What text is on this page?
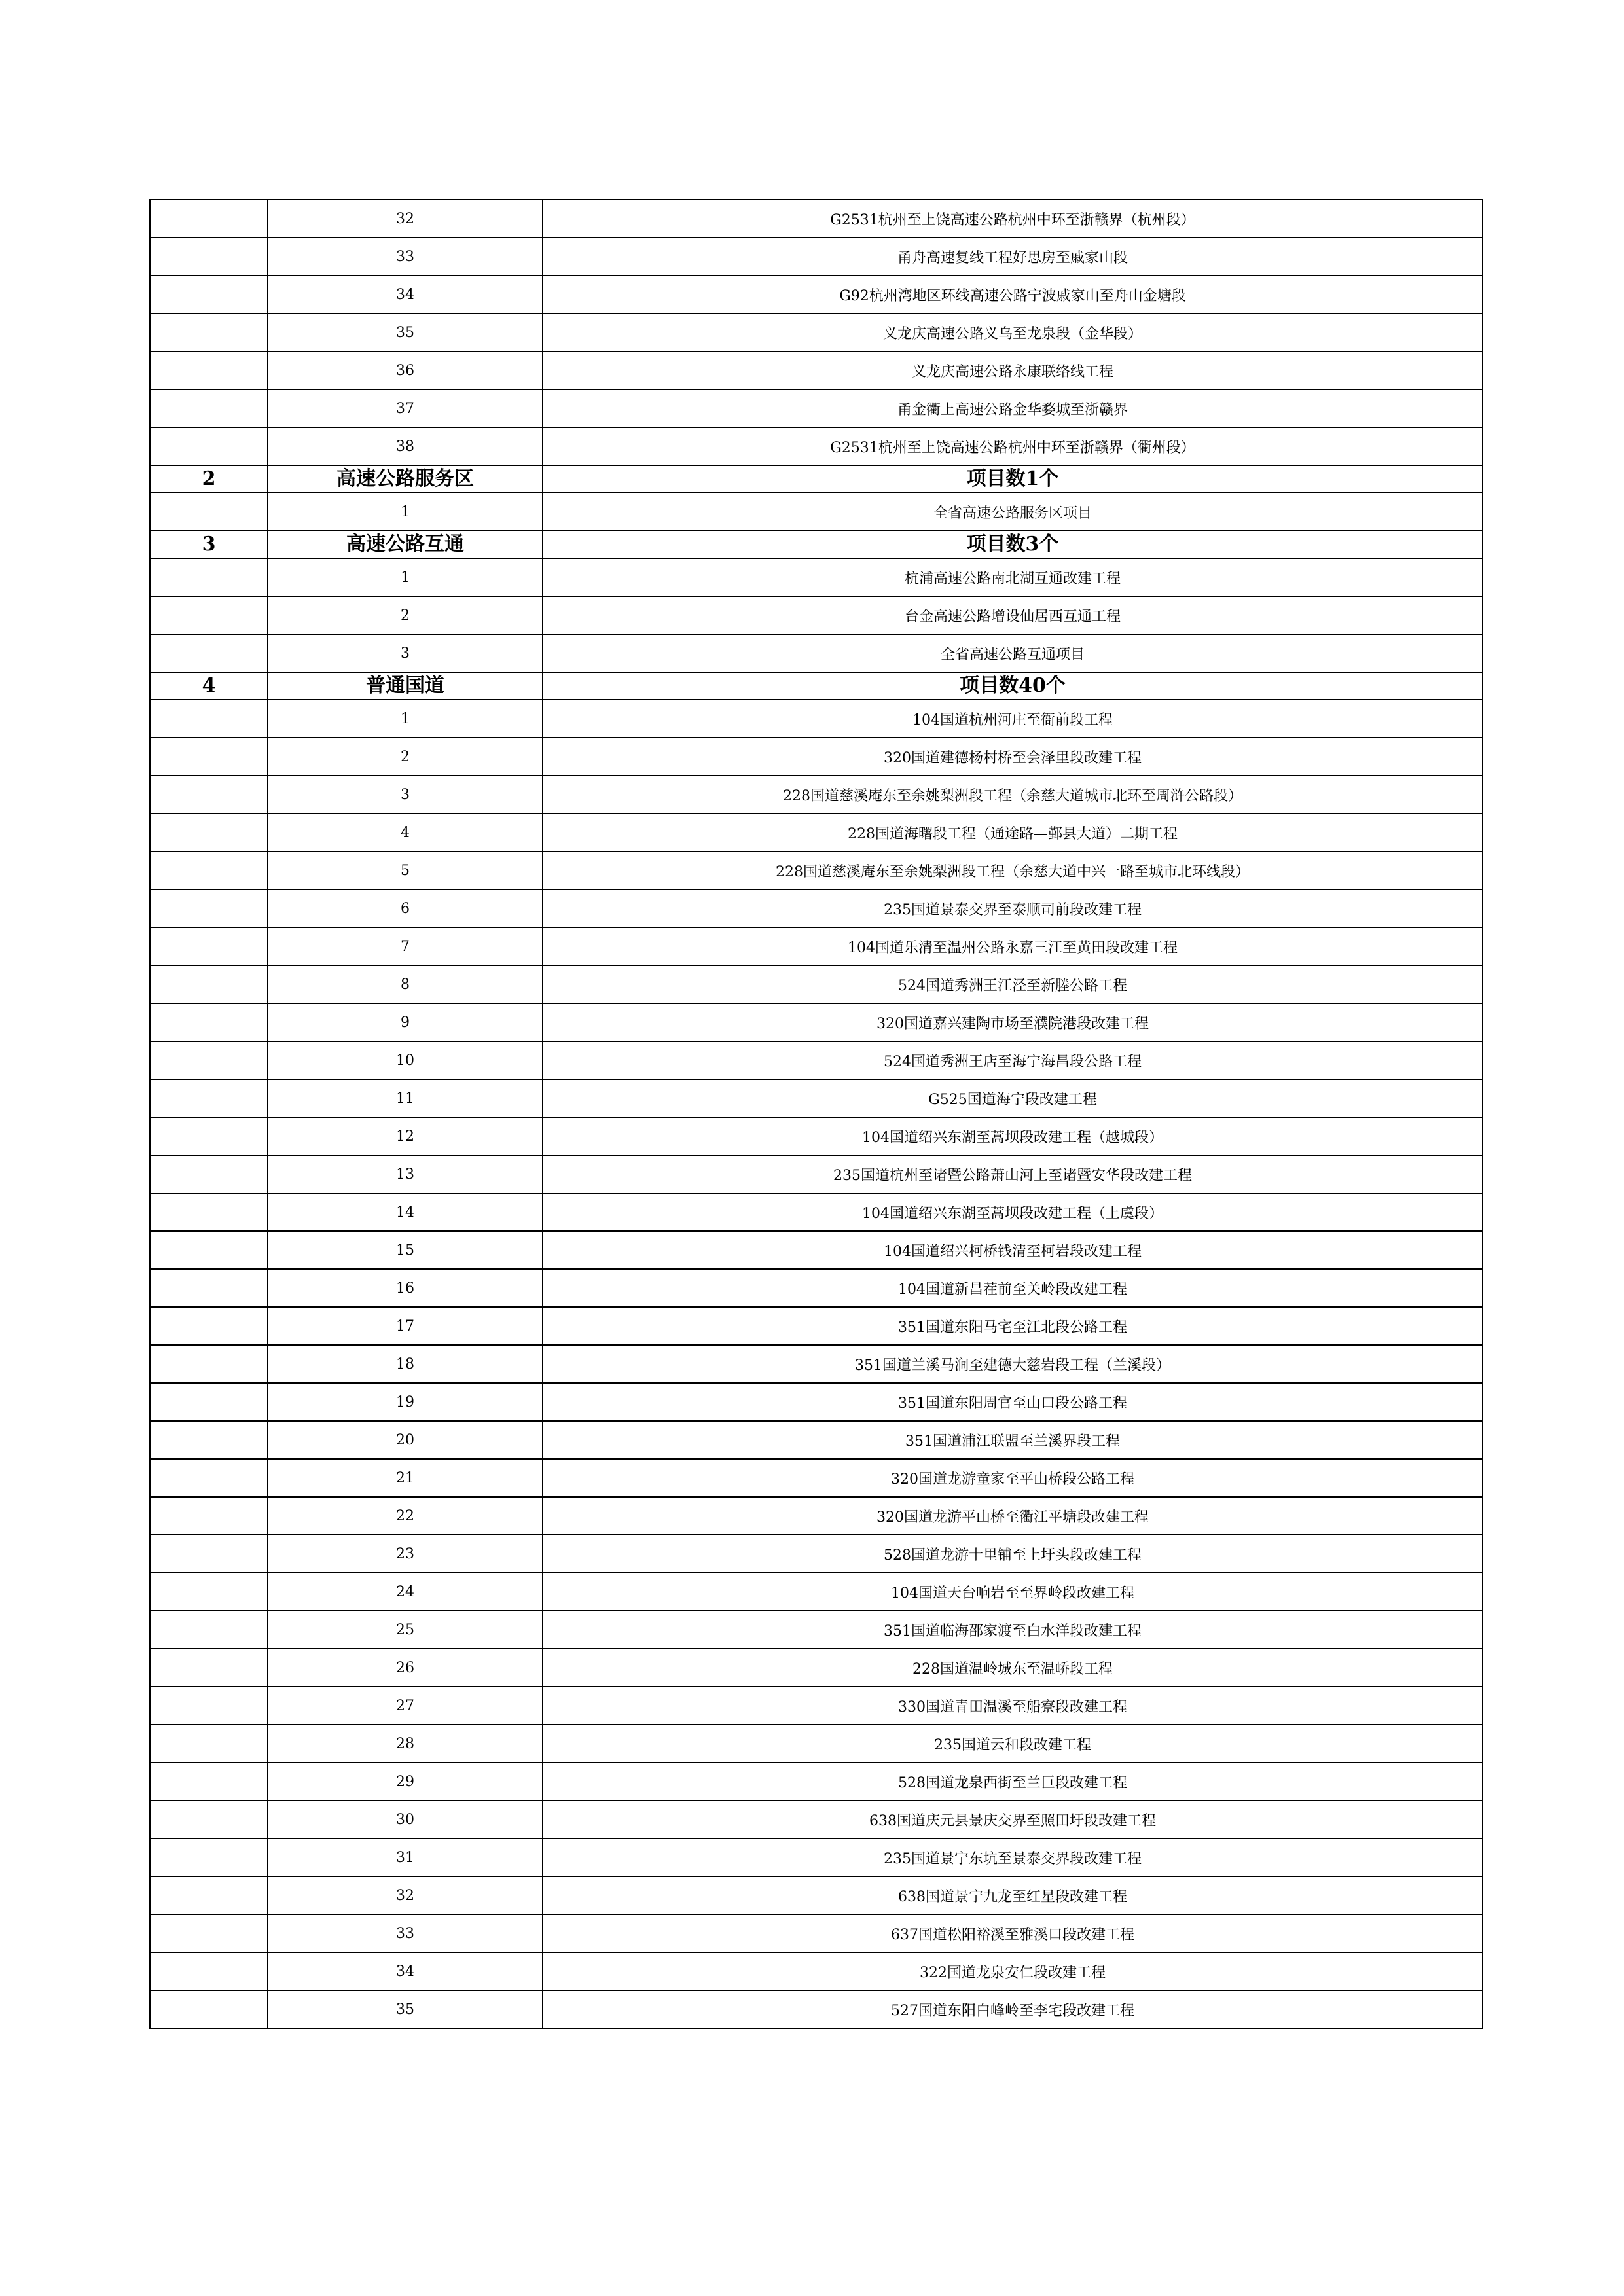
	32	G2531杭州至上饶高速公路杭州中环至浙赣界（杭州段）
	33	甬舟高速复线工程好思房至戚家山段
	34	G92杭州湾地区环线高速公路宁波戚家山至舟山金塘段
	35	义龙庆高速公路义乌至龙泉段（金华段）
	36	义龙庆高速公路永康联络线工程
	37	甬金衢上高速公路金华婺城至浙赣界
	38	G2531杭州至上饶高速公路杭州中环至浙赣界（衢州段）
2	高速公路服务区	项目数1个
	1	全省高速公路服务区项目
3	高速公路互通	项目数3个
	1	杭浦高速公路南北湖互通改建工程
	2	台金高速公路增设仙居西互通工程
	3	全省高速公路互通项目
4	普通国道	项目数40个
	1	104国道杭州河庄至衙前段工程
	2	320国道建德杨村桥至会泽里段改建工程
	3	228国道慈溪庵东至余姚梨洲段工程（余慈大道城市北环至周浒公路段）
	4	228国道海曙段工程（通途路—鄞县大道）二期工程
	5	228国道慈溪庵东至余姚梨洲段工程（余慈大道中兴一路至城市北环线段）
	6	235国道景泰交界至泰顺司前段改建工程
	7	104国道乐清至温州公路永嘉三江至黄田段改建工程
	8	524国道秀洲王江泾至新塍公路工程
	9	320国道嘉兴建陶市场至濮院港段改建工程
	10	524国道秀洲王店至海宁海昌段公路工程
	11	G525国道海宁段改建工程
	12	104国道绍兴东湖至蒿坝段改建工程（越城段）
	13	235国道杭州至诸暨公路萧山河上至诸暨安华段改建工程
	14	104国道绍兴东湖至蒿坝段改建工程（上虞段）
	15	104国道绍兴柯桥钱清至柯岩段改建工程
	16	104国道新昌茬前至关岭段改建工程
	17	351国道东阳马宅至江北段公路工程
	18	351国道兰溪马涧至建德大慈岩段工程（兰溪段）
	19	351国道东阳周官至山口段公路工程
	20	351国道浦江联盟至兰溪界段工程
	21	320国道龙游童家至平山桥段公路工程
	22	320国道龙游平山桥至衢江平塘段改建工程
	23	528国道龙游十里铺至上圩头段改建工程
	24	104国道天台响岩至至界岭段改建工程
	25	351国道临海邵家渡至白水洋段改建工程
	26	228国道温岭城东至温峤段工程
	27	330国道青田温溪至船寮段改建工程
	28	235国道云和段改建工程
	29	528国道龙泉西街至兰巨段改建工程
	30	638国道庆元县景庆交界至照田圩段改建工程
	31	235国道景宁东坑至景泰交界段改建工程
	32	638国道景宁九龙至红星段改建工程
	33	637国道松阳裕溪至雅溪口段改建工程
	34	322国道龙泉安仁段改建工程
	35	527国道东阳白峰岭至李宅段改建工程
